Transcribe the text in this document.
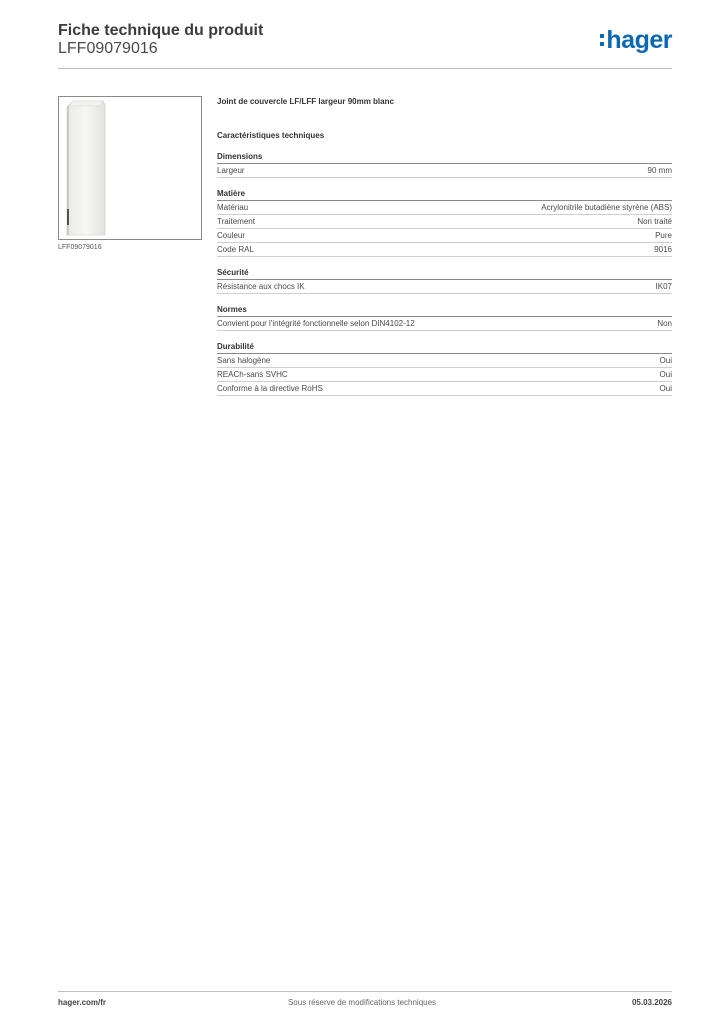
Fiche technique du produit
LFF09079016	hager
LFF09079016
Joint de couvercle LF/LFF largeur 90mm blanc
Caractéristiques techniques
Dimensions
Largeur	90 mm
Matière
Matériau	Acrylonitrile butadiène styrène (ABS)
Traitement	Non traité
Couleur	Pure
Code RAL	9016
Sécurité
Résistance aux chocs IK	IK07
Normes
Convient pour l'intégrité fonctionnelle selon DIN4102-12	Non
Durabilité
Sans halogène	Oui
REACh-sans SVHC	Oui
Conforme à la directive RoHS	Oui
hager.com/fr	Sous réserve de modifications techniques	05.03.2026
